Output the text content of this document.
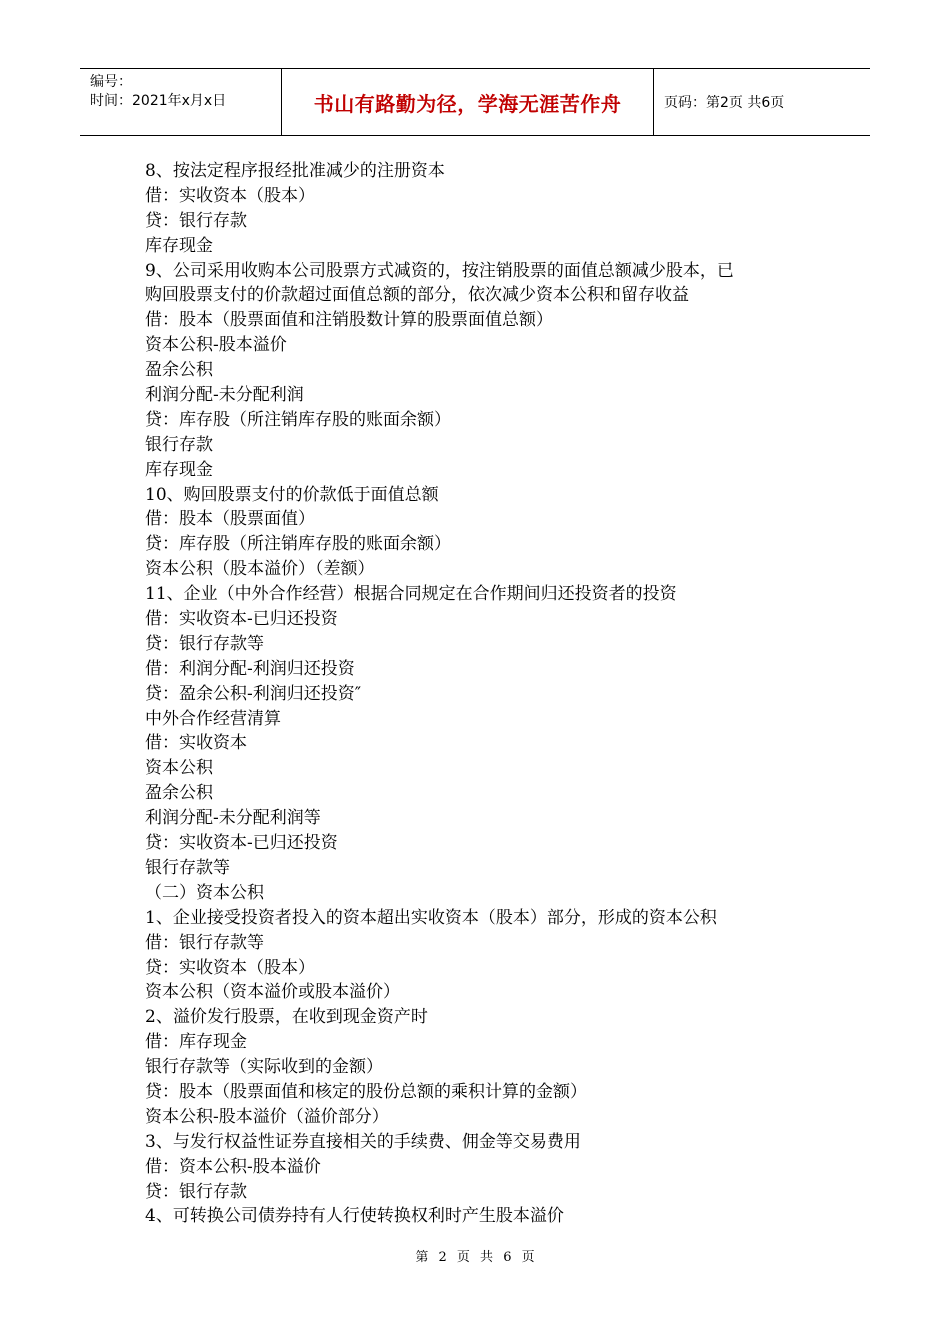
编号：
时间：2021年x月x日	书山有路勤为径，学海无涯苦作舟	页码：第2页 共6页
8、按法定程序报经批准减少的注册资本
借：实收资本（股本）
贷：银行存款
库存现金
9、公司采用收购本公司股票方式减资的，按注销股票的面值总额减少股本，已
购回股票支付的价款超过面值总额的部分，依次减少资本公积和留存收益
借：股本（股票面值和注销股数计算的股票面值总额）
资本公积-股本溢价
盈余公积
利润分配-未分配利润
贷：库存股（所注销库存股的账面余额）
银行存款
库存现金
10、购回股票支付的价款低于面值总额
借：股本（股票面值）
贷：库存股（所注销库存股的账面余额）
资本公积（股本溢价）（差额）
11、企业（中外合作经营）根据合同规定在合作期间归还投资者的投资
借：实收资本-已归还投资
贷：银行存款等
借：利润分配-利润归还投资
贷：盈余公积-利润归还投资″
中外合作经营清算
借：实收资本
资本公积
盈余公积
利润分配-未分配利润等
贷：实收资本-已归还投资
银行存款等
（二）资本公积
1、企业接受投资者投入的资本超出实收资本（股本）部分，形成的资本公积
借：银行存款等
贷：实收资本（股本）
资本公积（资本溢价或股本溢价）
2、溢价发行股票，在收到现金资产时
借：库存现金
银行存款等（实际收到的金额）
贷：股本（股票面值和核定的股份总额的乘积计算的金额）
资本公积-股本溢价（溢价部分）
3、与发行权益性证券直接相关的手续费、佣金等交易费用
借：资本公积-股本溢价
贷：银行存款
4、可转换公司债券持有人行使转换权利时产生股本溢价
第 2 页 共 6 页
